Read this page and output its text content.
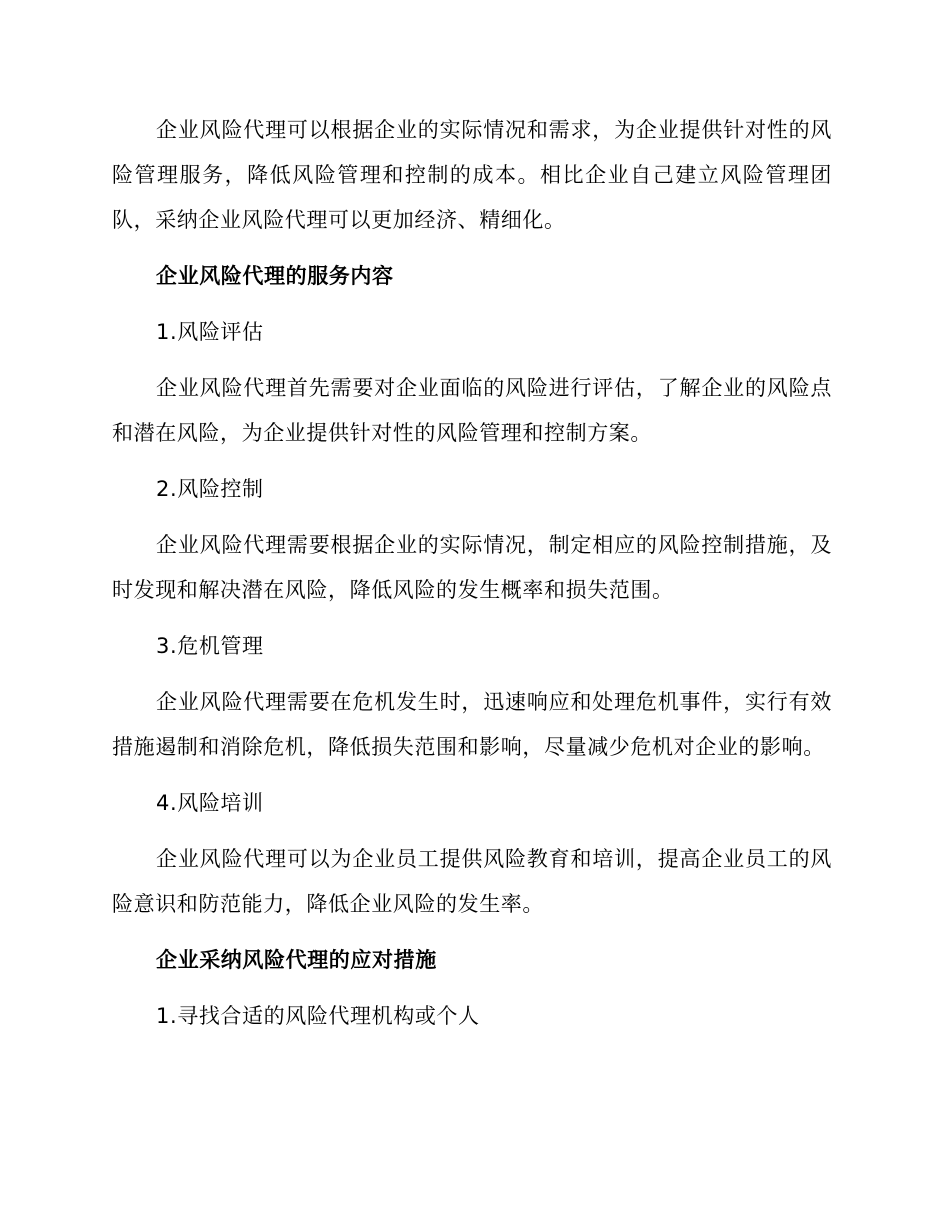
企业风险代理可以根据企业的实际情况和需求，为企业提供针对性的风险管理服务，降低风险管理和控制的成本。相比企业自己建立风险管理团队，采纳企业风险代理可以更加经济、精细化。

企业风险代理的服务内容

1.风险评估

企业风险代理首先需要对企业面临的风险进行评估，了解企业的风险点和潜在风险，为企业提供针对性的风险管理和控制方案。

2.风险控制

企业风险代理需要根据企业的实际情况，制定相应的风险控制措施，及时发现和解决潜在风险，降低风险的发生概率和损失范围。

3.危机管理

企业风险代理需要在危机发生时，迅速响应和处理危机事件，实行有效措施遏制和消除危机，降低损失范围和影响，尽量减少危机对企业的影响。

4.风险培训

企业风险代理可以为企业员工提供风险教育和培训，提高企业员工的风险意识和防范能力，降低企业风险的发生率。

企业采纳风险代理的应对措施

1.寻找合适的风险代理机构或个人
